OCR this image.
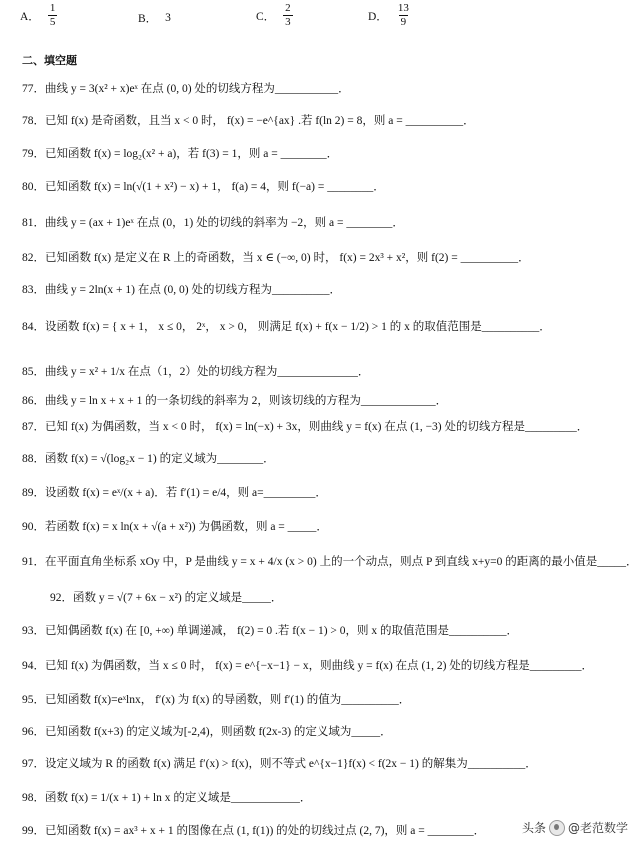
A． $\frac{1}{5}$	B． 3	C． $\frac{2}{3}$	D． $\frac{13}{9}$
二、填空题
77．曲线 y = 3(x² + x)eˣ 在点 (0, 0) 处的切线方程为___________．
78．已知 f(x) 是奇函数，且当 x < 0 时， f(x) = −e^{ax} .若 f(ln 2) = 8，则 a = __________．
79．已知函数 f(x) = log₂(x² + a)，若 f(3) = 1，则 a = ________．
80．已知函数 f(x) = ln(√(1 + x²) − x) + 1， f(a) = 4，则 f(−a) = ________．
81．曲线 y = (ax + 1)eˣ 在点 (0，1) 处的切线的斜率为 −2，则 a = ________．
82．已知函数 f(x) 是定义在 R 上的奇函数，当 x ∈ (−∞, 0) 时， f(x) = 2x³ + x²，则 f(2) = __________．
83．曲线 y = 2ln(x + 1) 在点 (0, 0) 处的切线方程为__________．
84．设函数 f(x) = { x + 1， x ≤ 0， 2ˣ， x > 0， 则满足 f(x) + f(x − 1/2) > 1 的 x 的取值范围是__________．
85．曲线 y = x² + 1/x 在点（1，2）处的切线方程为______________．
86．曲线 y = ln x + x + 1 的一条切线的斜率为 2，则该切线的方程为_____________．
87．已知 f(x) 为偶函数，当 x < 0 时， f(x) = ln(−x) + 3x，则曲线 y = f(x) 在点 (1, −3) 处的切线方程是_________．
88．函数 f(x) = √(log₂x − 1) 的定义域为________．
89．设函数 f(x) = eˣ/(x + a)．若 f′(1) = e/4，则 a=_________．
90．若函数 f(x) = x ln(x + √(a + x²)) 为偶函数，则 a = _____．
91．在平面直角坐标系 xOy 中，P 是曲线 y = x + 4/x (x > 0) 上的一个动点，则点 P 到直线 x+y=0 的距离的最小值是_____．
92．函数 y = √(7 + 6x − x²) 的定义域是_____．
93．已知偶函数 f(x) 在 [0, +∞) 单调递减， f(2) = 0 .若 f(x − 1) > 0，则 x 的取值范围是__________．
94．已知 f(x) 为偶函数，当 x ≤ 0 时， f(x) = e^{−x−1} − x，则曲线 y = f(x) 在点 (1, 2) 处的切线方程是_________．
95．已知函数 f(x)=eˣlnx， f′(x) 为 f(x) 的导函数，则 f′(1) 的值为__________．
96．已知函数 f(x+3) 的定义域为[-2,4)，则函数 f(2x-3) 的定义域为_____．
97．设定义域为 R 的函数 f(x) 满足 f′(x) > f(x)，则不等式 e^{x−1}f(x) < f(2x − 1) 的解集为__________．
98．函数 f(x) = 1/(x + 1) + ln x 的定义域是____________．
99．已知函数 f(x) = ax³ + x + 1 的图像在点 (1, f(1)) 的处的切线过点 (2, 7)，则 a = ________．	头条 @ 老范数学
